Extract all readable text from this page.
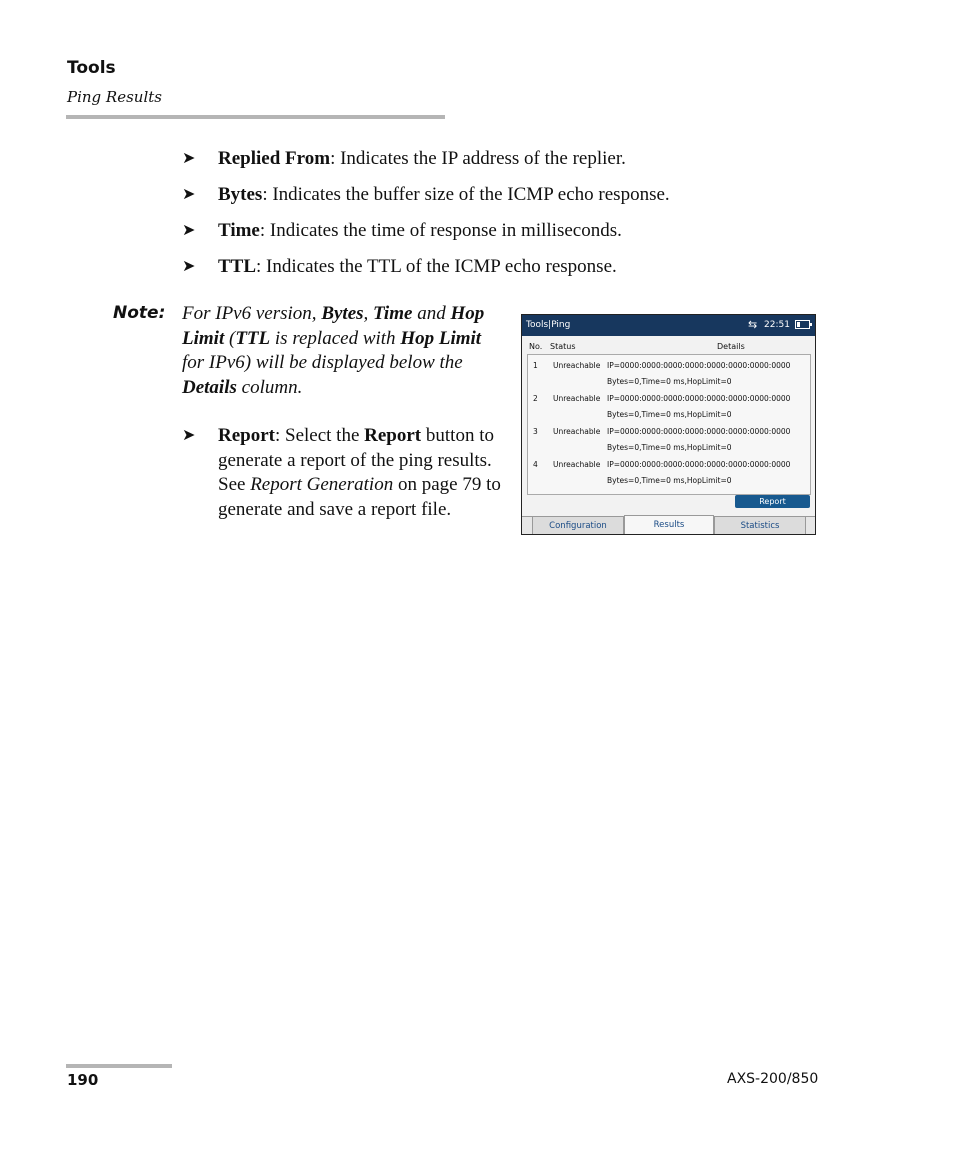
Tools
Ping Results
➤ Replied From: Indicates the IP address of the replier.
➤ Bytes: Indicates the buffer size of the ICMP echo response.
➤ Time: Indicates the time of response in milliseconds.
➤ TTL: Indicates the TTL of the ICMP echo response.
Note: For IPv6 version, Bytes, Time and Hop Limit (TTL is replaced with Hop Limit for IPv6) will be displayed below the Details column.
➤ Report: Select the Report button to generate a report of the ping results. See Report Generation on page 79 to generate and save a report file.
Tools|Ping	⇆ 22:51
No. Status	Details
1 Unreachable IP=0000:0000:0000:0000:0000:0000:0000:0000
Bytes=0,Time=0 ms,HopLimit=0
2 Unreachable IP=0000:0000:0000:0000:0000:0000:0000:0000
Bytes=0,Time=0 ms,HopLimit=0
3 Unreachable IP=0000:0000:0000:0000:0000:0000:0000:0000
Bytes=0,Time=0 ms,HopLimit=0
4 Unreachable IP=0000:0000:0000:0000:0000:0000:0000:0000
Bytes=0,Time=0 ms,HopLimit=0
Report
Configuration	Results	Statistics
190	AXS-200/850
